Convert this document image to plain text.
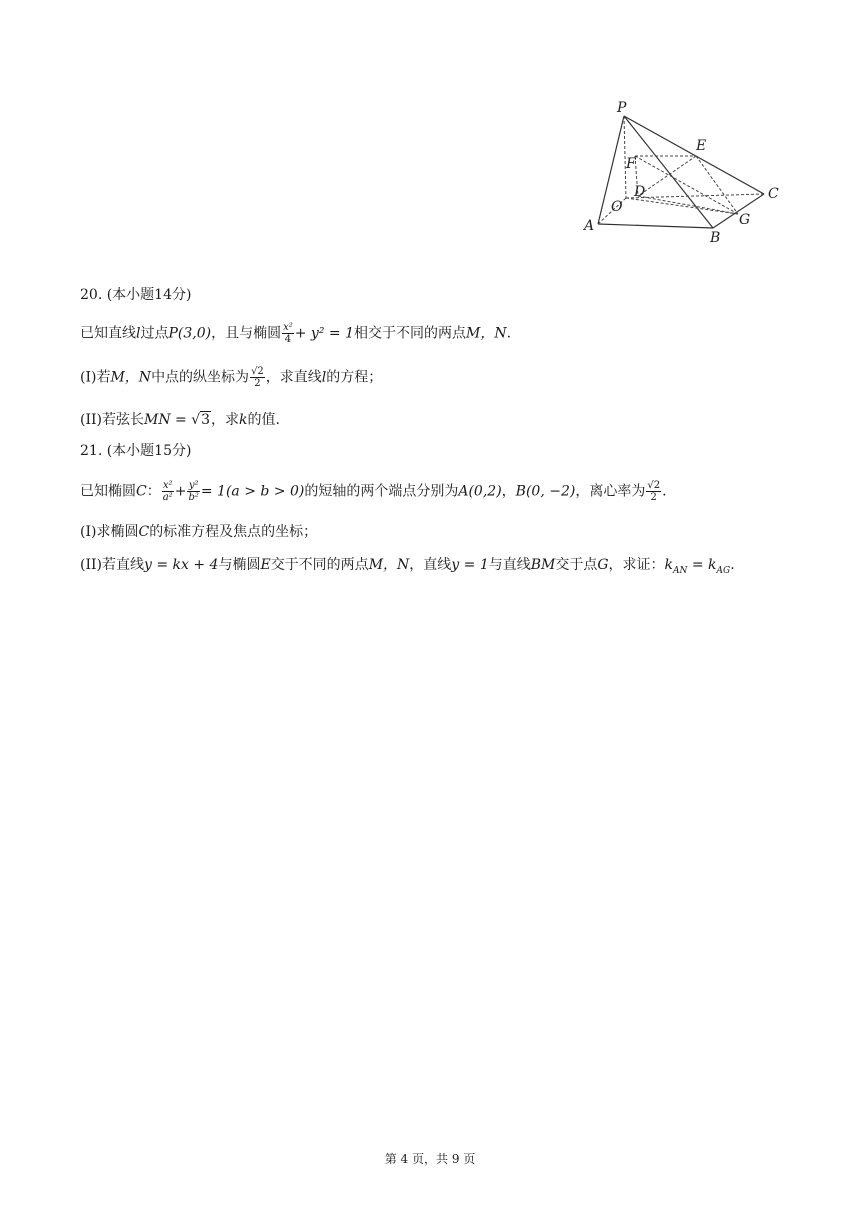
P
E
F
D
O
C
A
B
G
20. (本小题14分)
已知直线l过点P(3,0)，且与椭圆 $\frac{\text{x²}}{4} + y^2 = 1$相交于不同的两点M，N.
(I)若M，N中点的纵坐标为 $\frac{√2}{2}$ ，求直线l的方程；
(II)若弦长MN = √3，求k的值.
21. (本小题15分)
已知椭圆C： $\frac{\text{x²}}{\text{a²}} + \frac{\text{y²}}{\text{b²}} = 1(a > b > 0)$的短轴的两个端点分别为A(0,2)，B(0, −2)，离心率为 $\frac{√2}{2}$ .
(I)求椭圆C的标准方程及焦点的坐标；
(II)若直线y = kx + 4与椭圆E交于不同的两点M，N，直线y = 1与直线BM交于点G，求证：$k_{AN} = k_{AG}$.
第 4 页，共 9 页
